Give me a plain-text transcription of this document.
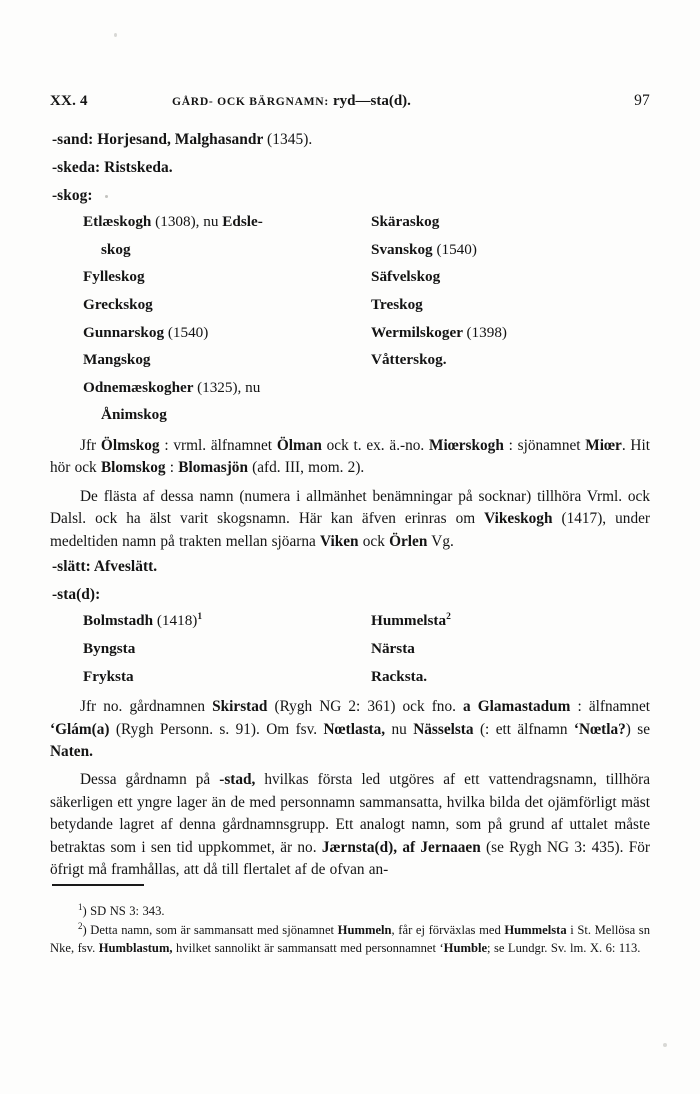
XX. 4	GÅRD- OCK BÄRGNAMN: ryd—sta(d).	97
-sand: Horjesand, Malghasandr (1345).
-skeda: Ristskeda.
-skog:
Etlæskogh (1308), nu Edsle-
skog
Fylleskog
Greckskog
Gunnarskog (1540)
Mangskog
Odnemæskogher (1325), nu
Ånimskog
Skäraskog
Svanskog (1540)
Säfvelskog
Treskog
Wermilskoger (1398)
Våtterskog.

Jfr Ölmskog : vrml. älfnamnet Ölman ock t. ex. ä.-no. Miœrskogh : sjönamnet Miœr. Hit hör ock Blomskog : Blomasjön (afd. III, mom. 2).

De flästa af dessa namn (numera i allmänhet benämningar på socknar) tillhöra Vrml. ock Dalsl. ock ha älst varit skogsnamn. Här kan äfven erinras om Vikeskogh (1417), under medeltiden namn på trakten mellan sjöarna Viken ock Örlen Vg.

-slätt: Afveslätt.
-sta(d):
Bolmstadh $(1418)^1$
Byngsta
Fryksta
Hummelsta$^2$
Närsta
Racksta.

Jfr no. gårdnamnen Skirstad (Rygh NG 2: 361) ock fno. a Glamastadum : älfnamnet ʻGlám(a) (Rygh Personn. s. 91). Om fsv. Nœtlasta, nu Nässelsta (: ett älfnamn ʻNœtla?) se Naten.

Dessa gårdnamn på -stad, hvilkas första led utgöres af ett vattendragsnamn, tillhöra säkerligen ett yngre lager än de med personnamn sammansatta, hvilka bilda det ojämförligt mäst betydande lagret af denna gårdnamnsgrupp. Ett analogt namn, som på grund af uttalet måste betraktas som i sen tid uppkommet, är no. Jærnsta(d), af Jernaaen (se Rygh NG 3: 435). För öfrigt må framhållas, att då till flertalet af de ofvan an-

$^1$) SD NS 3: 343.

$^2$) Detta namn, som är sammansatt med sjönamnet Hummeln, får ej förväxlas med Hummelsta i St. Mellösa sn Nke, fsv. Humblastum, hvilket sannolikt är sammansatt med personnamnet ʻHumble; se Lundgr. Sv. lm. X. 6: 113.
